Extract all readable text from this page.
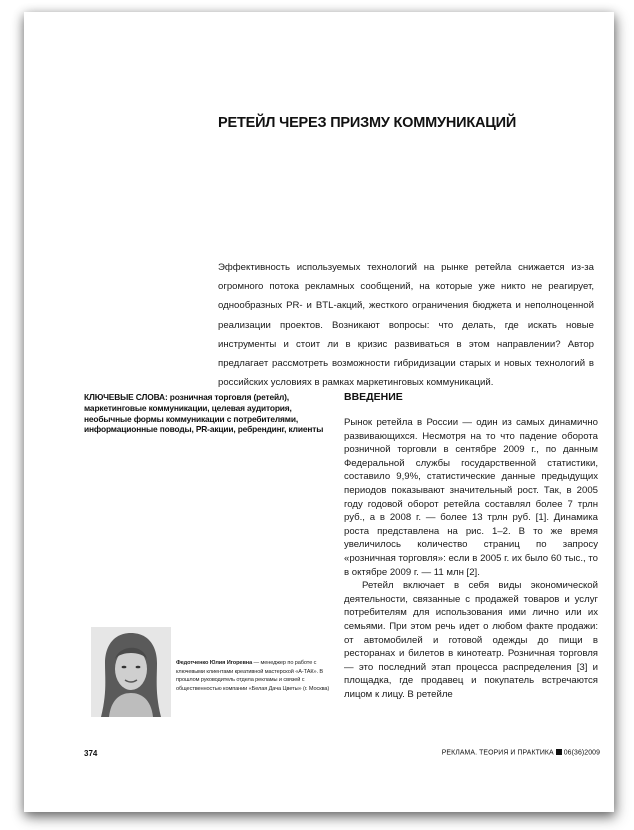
РЕТЕЙЛ ЧЕРЕЗ ПРИЗМУ КОММУНИКАЦИЙ

Эффективность используемых технологий на рынке ретейла снижается из-за огромного потока рекламных сообщений, на которые уже никто не реагирует, однообразных PR- и BTL-акций, жесткого ограничения бюджета и неполноценной реализации проектов. Возникают вопросы: что делать, где искать новые инструменты и стоит ли в кризис развиваться в этом направлении? Автор предлагает рассмотреть возможности гибридизации старых и новых технологий в российских условиях в рамках маркетинговых коммуникаций.

КЛЮЧЕВЫЕ СЛОВА: розничная торговля (ретейл), маркетинговые коммуникации, целевая аудитория, необычные формы коммуникации с потребителями, информационные поводы, PR-акции, ребрендинг, клиенты

ВВЕДЕНИЕ

Рынок ретейла в России — один из самых динамично развивающихся. Несмотря на то что падение оборота розничной торговли в сентябре 2009 г., по данным Федеральной службы государственной статистики, составило 9,9%, статистические данные предыдущих периодов показывают значительный рост. Так, в 2005 году годовой оборот ретейла составлял более 7 трлн руб., а в 2008 г. — более 13 трлн руб. [1]. Динамика роста представлена на рис. 1–2. В то же время увеличилось количество страниц по запросу «розничная торговля»: если в 2005 г. их было 60 тыс., то в октябре 2009 г. — 11 млн [2].

Ретейл включает в себя виды экономической деятельности, связанные с продажей товаров и услуг потребителям для использования ими лично или их семьями. При этом речь идет о любом факте продажи: от автомобилей и готовой одежды до пищи в ресторанах и билетов в кинотеатр. Розничная торговля — это последний этап процесса распределения [3] и площадка, где продавец и покупатель встречаются лицом к лицу. В ретейле

Федотченко Юлия Игоревна — менеджер по работе с ключевыми клиентами креативной мастерской «А-ТАК». В прошлом руководитель отдела рекламы и связей с общественностью компании «Белая Дача Цветы» (г. Москва)

374	РЕКЛАМА. ТЕОРИЯ И ПРАКТИКА 06(36)2009
